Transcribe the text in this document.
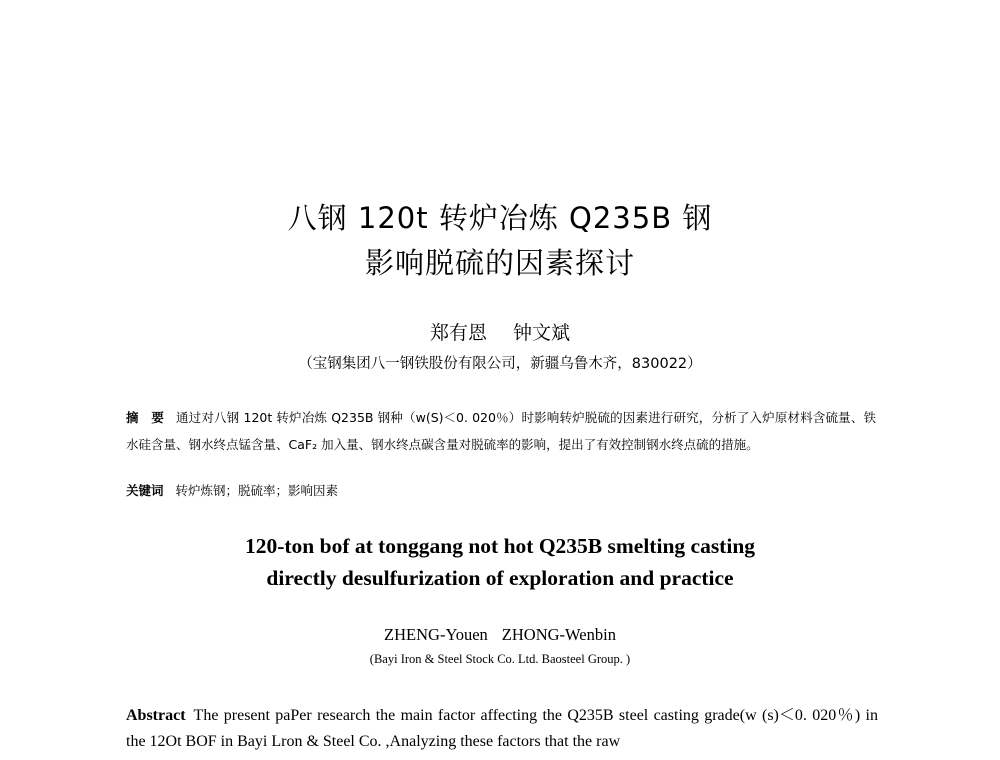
八钢 120t 转炉冶炼 Q235B 钢
影响脱硫的因素探讨
郑有恩 钟文斌
（宝钢集团八一钢铁股份有限公司，新疆乌鲁木齐，830022）
摘　要 通过对八钢 120t 转炉冶炼 Q235B 钢种（w(S)＜0. 020％）时影响转炉脱硫的因素进行研究，分析了入炉原材料含硫量、铁水硅含量、钢水终点锰含量、CaF₂ 加入量、钢水终点碳含量对脱硫率的影响，提出了有效控制钢水终点硫的措施。
关键词 转炉炼钢；脱硫率；影响因素
120-ton bof at tonggang not hot Q235B smelting casting
directly desulfurization of exploration and practice
ZHENG-Youen ZHONG-Wenbin
(Bayi Iron & Steel Stock Co. Ltd. Baosteel Group. )
Abstract The present paPer research the main factor affecting the Q235B steel casting grade(w (s)＜0. 020％) in the 12Ot BOF in Bayi Lron & Steel Co. ,Analyzing these factors that the raw
